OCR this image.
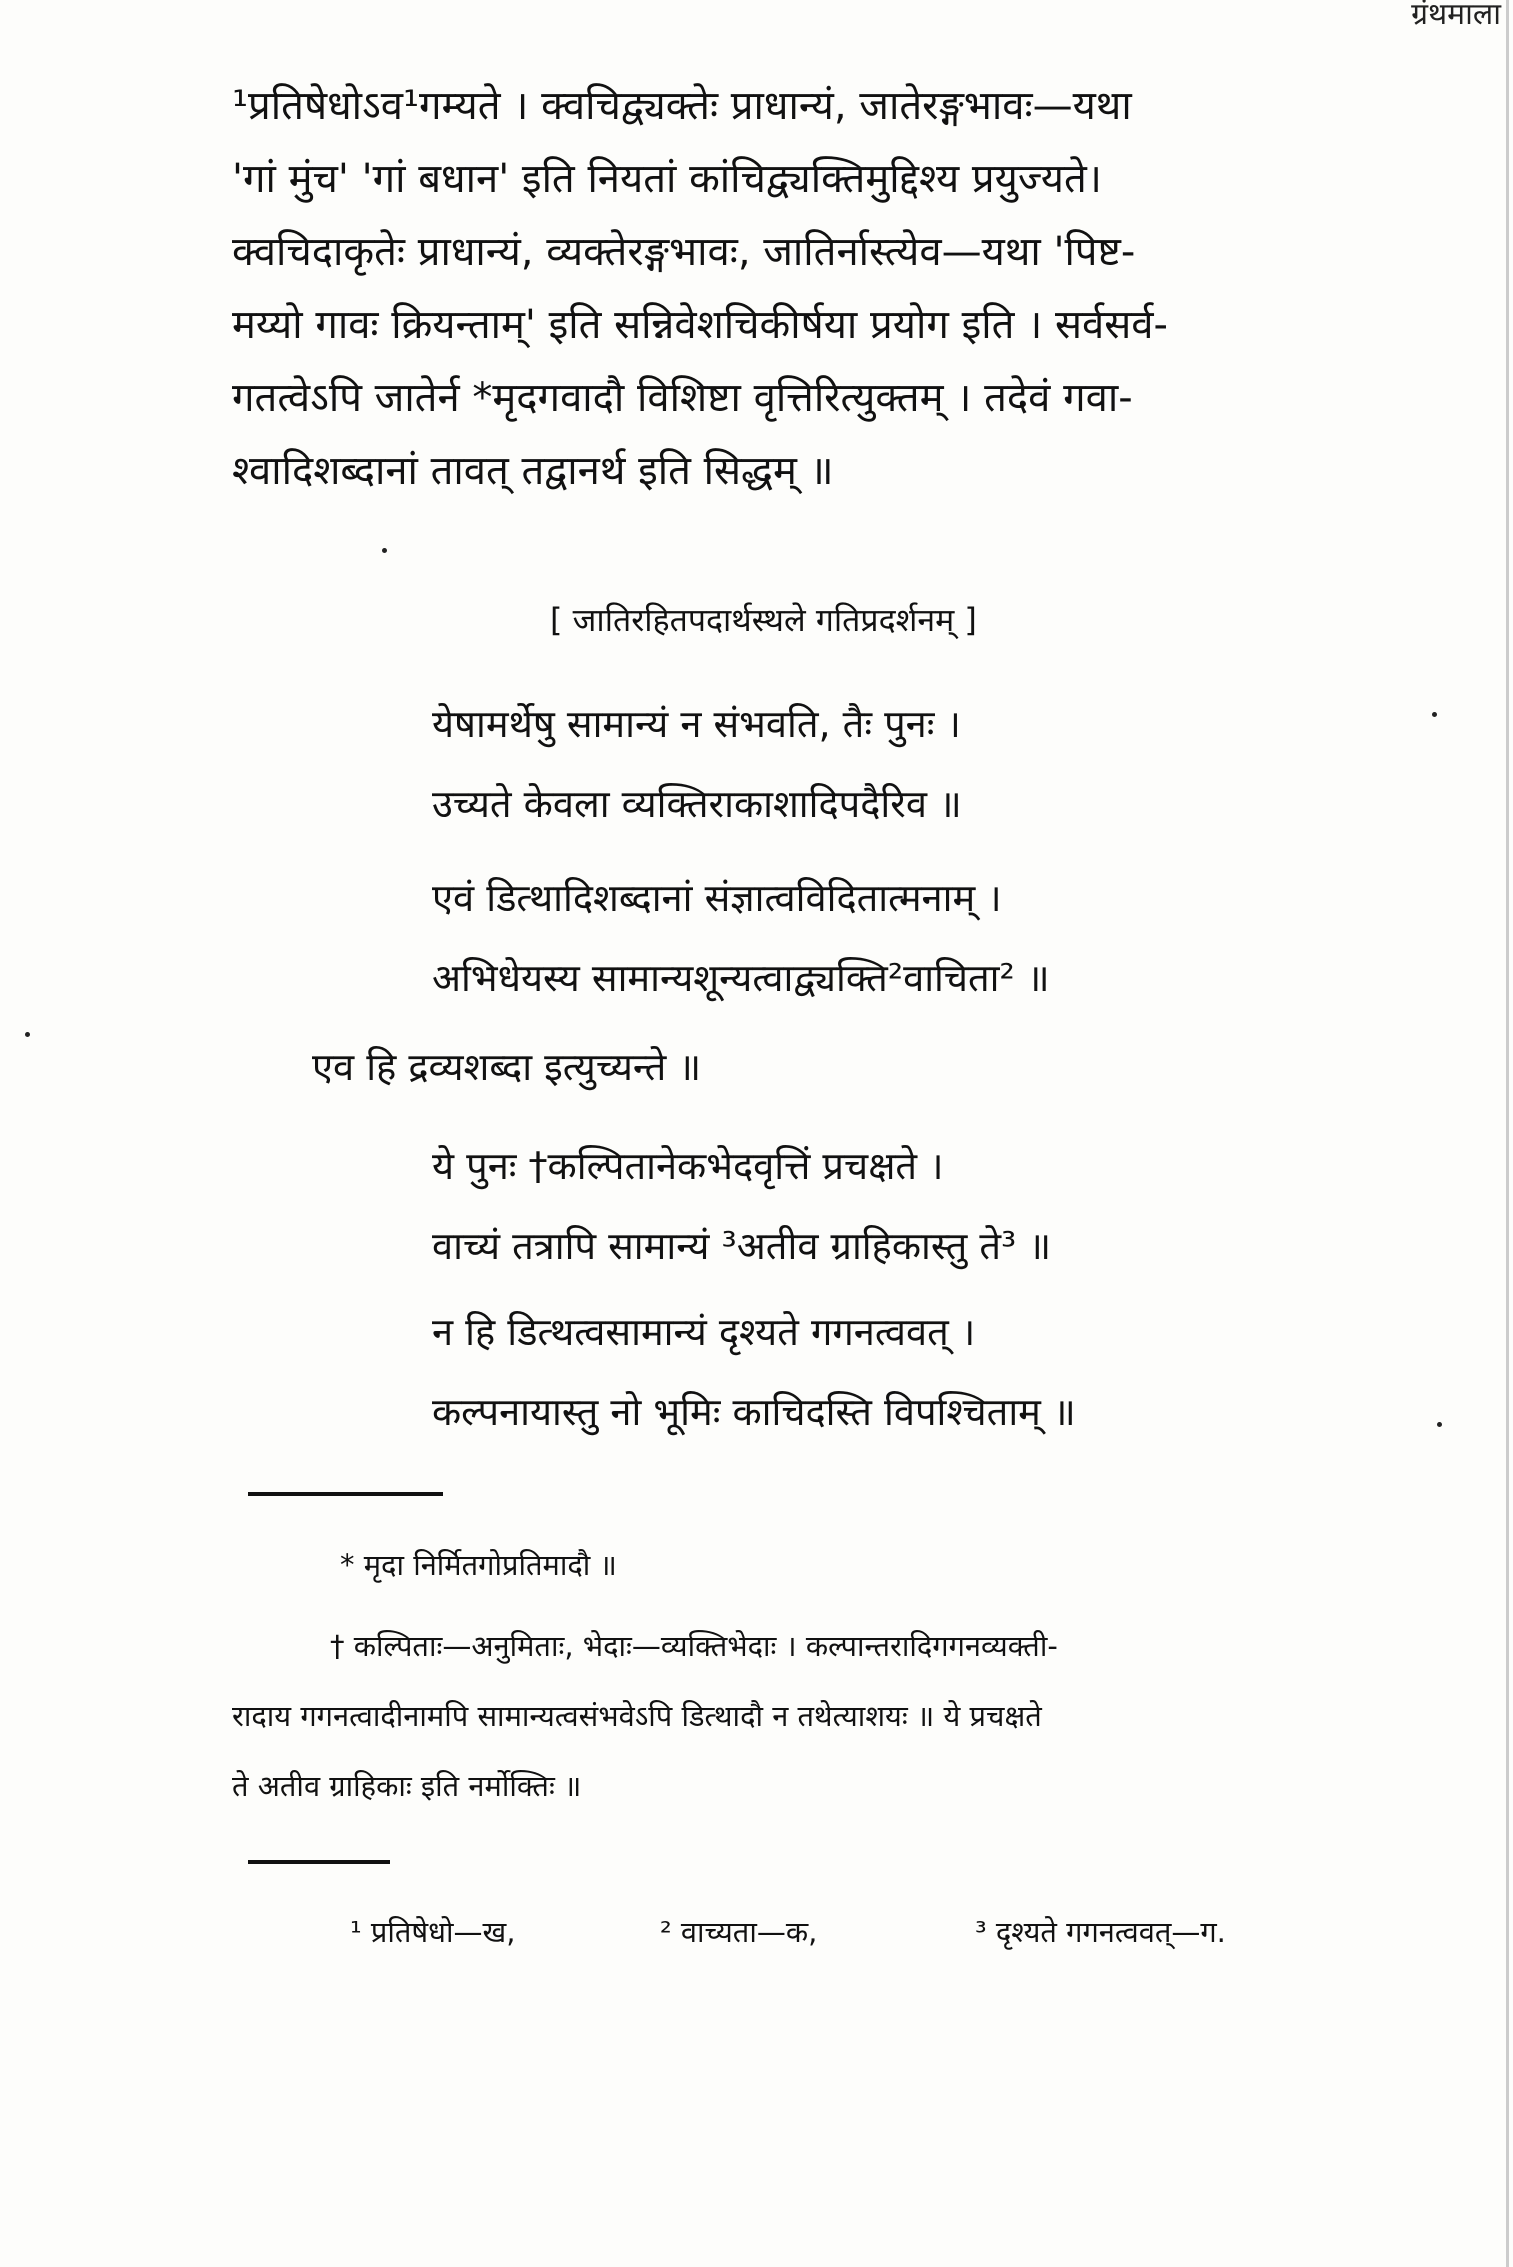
ग्रंथमाला
¹प्रतिषेधोऽव¹गम्यते । क्वचिद्व्यक्तेः प्राधान्यं, जातेरङ्गभावः—यथा
'गां मुंच' 'गां बधान' इति नियतां कांचिद्व्यक्तिमुद्दिश्य प्रयुज्यते।
क्वचिदाकृतेः प्राधान्यं, व्यक्तेरङ्गभावः, जातिर्नास्त्येव—यथा 'पिष्ट-
मय्यो गावः क्रियन्ताम्' इति सन्निवेशचिकीर्षया प्रयोग इति । सर्वसर्व-
गतत्वेऽपि जातेर्न *मृदगवादौ विशिष्टा वृत्तिरित्युक्तम् । तदेवं गवा-
श्वादिशब्दानां तावत् तद्वानर्थ इति सिद्धम् ॥
[ जातिरहितपदार्थस्थले गतिप्रदर्शनम् ]
येषामर्थेषु सामान्यं न संभवति, तैः पुनः ।
उच्यते केवला व्यक्तिराकाशादिपदैरिव ॥
एवं डित्थादिशब्दानां संज्ञात्वविदितात्मनाम् ।
अभिधेयस्य सामान्यशून्यत्वाद्व्यक्ति²वाचिता² ॥
एव हि द्रव्यशब्दा इत्युच्यन्ते ॥
ये पुनः †कल्पितानेकभेदवृत्तिं प्रचक्षते ।
वाच्यं तत्रापि सामान्यं ³अतीव ग्राहिकास्तु ते³ ॥
न हि डित्थत्वसामान्यं दृश्यते गगनत्ववत् ।
कल्पनायास्तु नो भूमिः काचिदस्ति विपश्चिताम् ॥
* मृदा निर्मितगोप्रतिमादौ ॥
† कल्पिताः—अनुमिताः, भेदाः—व्यक्तिभेदाः । कल्पान्तरादिगगनव्यक्ती-
रादाय गगनत्वादीनामपि सामान्यत्वसंभवेऽपि डित्थादौ न तथेत्याशयः ॥ ये प्रचक्षते
ते अतीव ग्राहिकाः इति नर्मोक्तिः ॥
¹ प्रतिषेधो—ख,	² वाच्यता—क,	³ दृश्यते गगनत्ववत्—ग.
